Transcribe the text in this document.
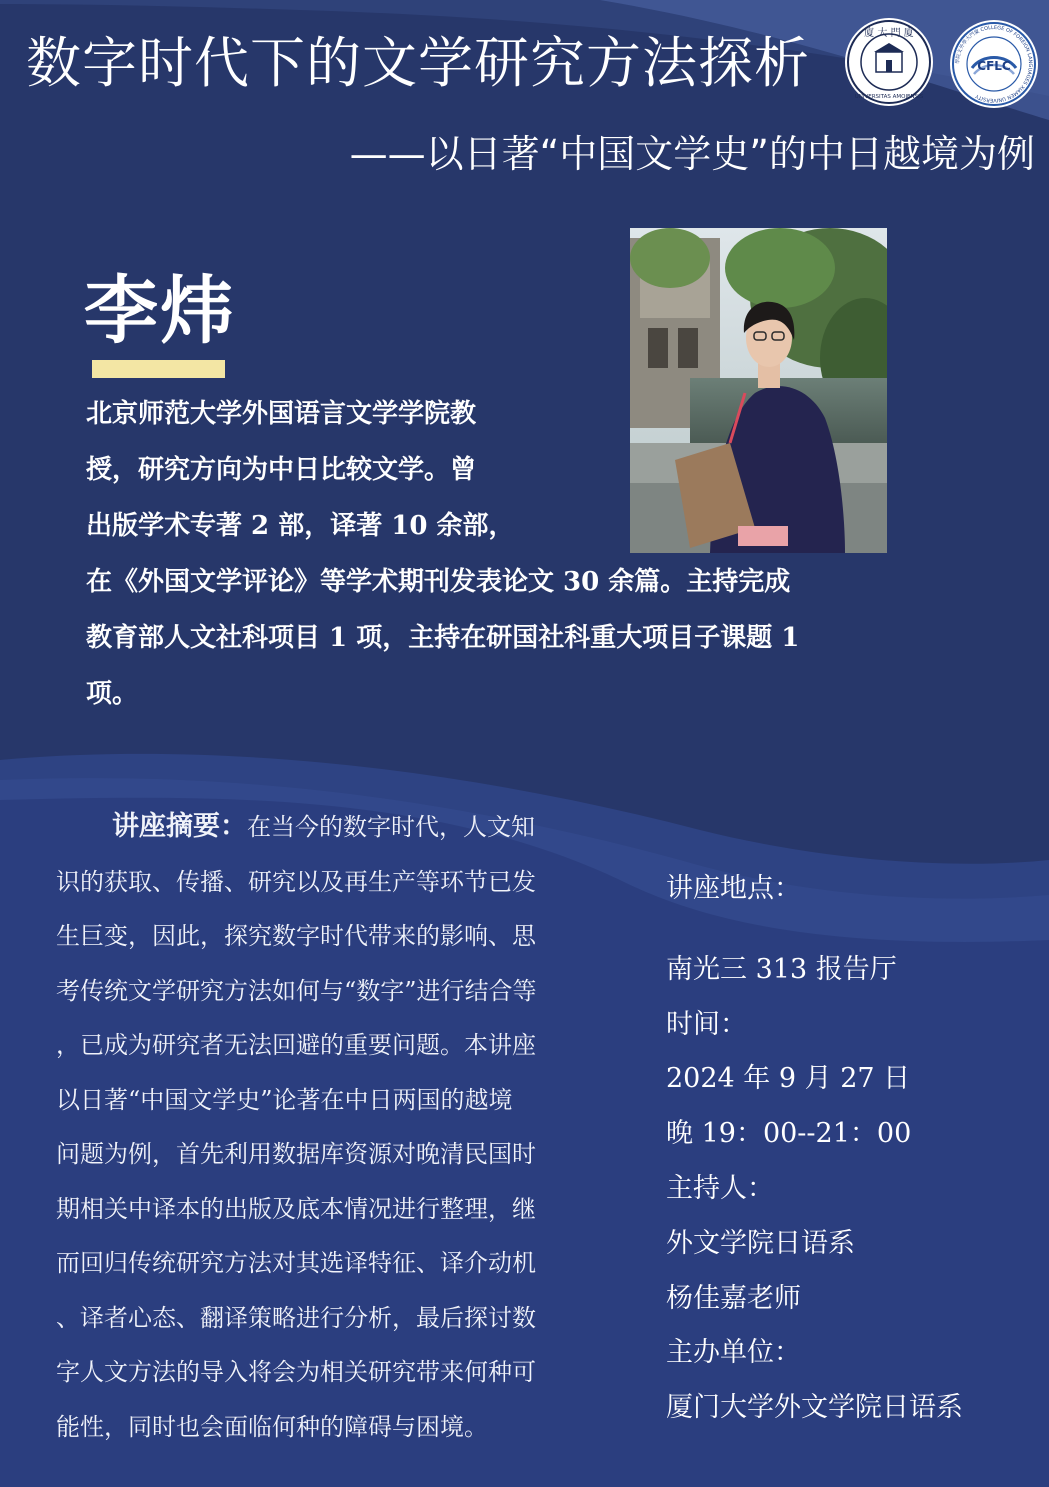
数字时代下的文学研究方法探析
——以日著“中国文学史”的中日越境为例
廈 大 門 廈
UNIVERSITAS AMOIENSIS
CFLC
學院文外學大門廈 COLLEGE OF FOREIGN LANGUAGES XIAMEN UNIVERSITY
李炜
北京师范大学外国语言文学学院教
授，研究方向为中日比较文学。曾
出版学术专著 2 部，译著 10 余部，
在《外国文学评论》等学术期刊发表论文 30 余篇。主持完成
教育部人文社科项目 1 项，主持在研国社科重大项目子课题 1
项。
讲座摘要：在当今的数字时代，人文知
识的获取、传播、研究以及再生产等环节已发
生巨变，因此，探究数字时代带来的影响、思
考传统文学研究方法如何与“数字”进行结合等
，已成为研究者无法回避的重要问题。本讲座
以日著“中国文学史”论著在中日两国的越境
问题为例，首先利用数据库资源对晚清民国时
期相关中译本的出版及底本情况进行整理，继
而回归传统研究方法对其选译特征、译介动机
、译者心态、翻译策略进行分析，最后探讨数
字人文方法的导入将会为相关研究带来何种可
能性，同时也会面临何种的障碍与困境。
讲座地点：
南光三 313 报告厅
时间：
2024 年 9 月 27 日
晚 19：00--21：00
主持人：
外文学院日语系
杨佳嘉老师
主办单位：
厦门大学外文学院日语系
